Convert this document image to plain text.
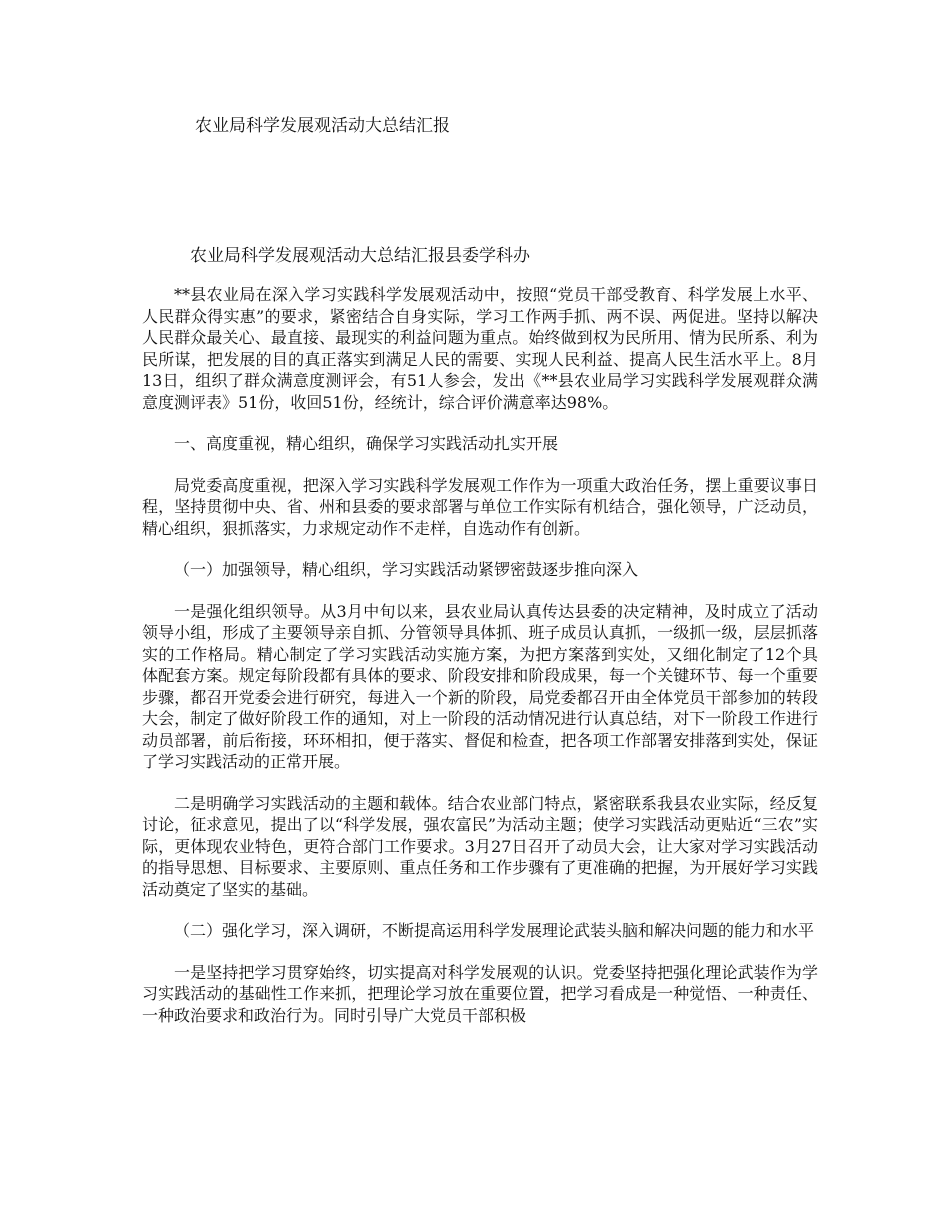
农业局科学发展观活动大总结汇报
农业局科学发展观活动大总结汇报县委学科办

**县农业局在深入学习实践科学发展观活动中，按照“党员干部受教育、科学发展上水平、人民群众得实惠”的要求，紧密结合自身实际，学习工作两手抓、两不误、两促进。坚持以解决人民群众最关心、最直接、最现实的利益问题为重点。始终做到权为民所用、情为民所系、利为民所谋，把发展的目的真正落实到满足人民的需要、实现人民利益、提高人民生活水平上。8月13日，组织了群众满意度测评会，有51人参会，发出《**县农业局学习实践科学发展观群众满意度测评表》51份，收回51份，经统计，综合评价满意率达98%。

一、高度重视，精心组织，确保学习实践活动扎实开展

局党委高度重视，把深入学习实践科学发展观工作作为一项重大政治任务，摆上重要议事日程，坚持贯彻中央、省、州和县委的要求部署与单位工作实际有机结合，强化领导，广泛动员，精心组织，狠抓落实，力求规定动作不走样，自选动作有创新。

（一）加强领导，精心组织，学习实践活动紧锣密鼓逐步推向深入

一是强化组织领导。从3月中旬以来，县农业局认真传达县委的决定精神，及时成立了活动领导小组，形成了主要领导亲自抓、分管领导具体抓、班子成员认真抓，一级抓一级，层层抓落实的工作格局。精心制定了学习实践活动实施方案，为把方案落到实处，又细化制定了12个具体配套方案。规定每阶段都有具体的要求、阶段安排和阶段成果，每一个关键环节、每一个重要步骤，都召开党委会进行研究，每进入一个新的阶段，局党委都召开由全体党员干部参加的转段大会，制定了做好阶段工作的通知，对上一阶段的活动情况进行认真总结，对下一阶段工作进行动员部署，前后衔接，环环相扣，便于落实、督促和检查，把各项工作部署安排落到实处，保证了学习实践活动的正常开展。

二是明确学习实践活动的主题和载体。结合农业部门特点，紧密联系我县农业实际，经反复讨论，征求意见，提出了以“科学发展，强农富民”为活动主题；使学习实践活动更贴近“三农”实际，更体现农业特色，更符合部门工作要求。3月27日召开了动员大会，让大家对学习实践活动的指导思想、目标要求、主要原则、重点任务和工作步骤有了更准确的把握，为开展好学习实践活动奠定了坚实的基础。

（二）强化学习，深入调研，不断提高运用科学发展理论武装头脑和解决问题的能力和水平

一是坚持把学习贯穿始终，切实提高对科学发展观的认识。党委坚持把强化理论武装作为学习实践活动的基础性工作来抓，把理论学习放在重要位置，把学习看成是一种觉悟、一种责任、一种政治要求和政治行为。同时引导广大党员干部积极
